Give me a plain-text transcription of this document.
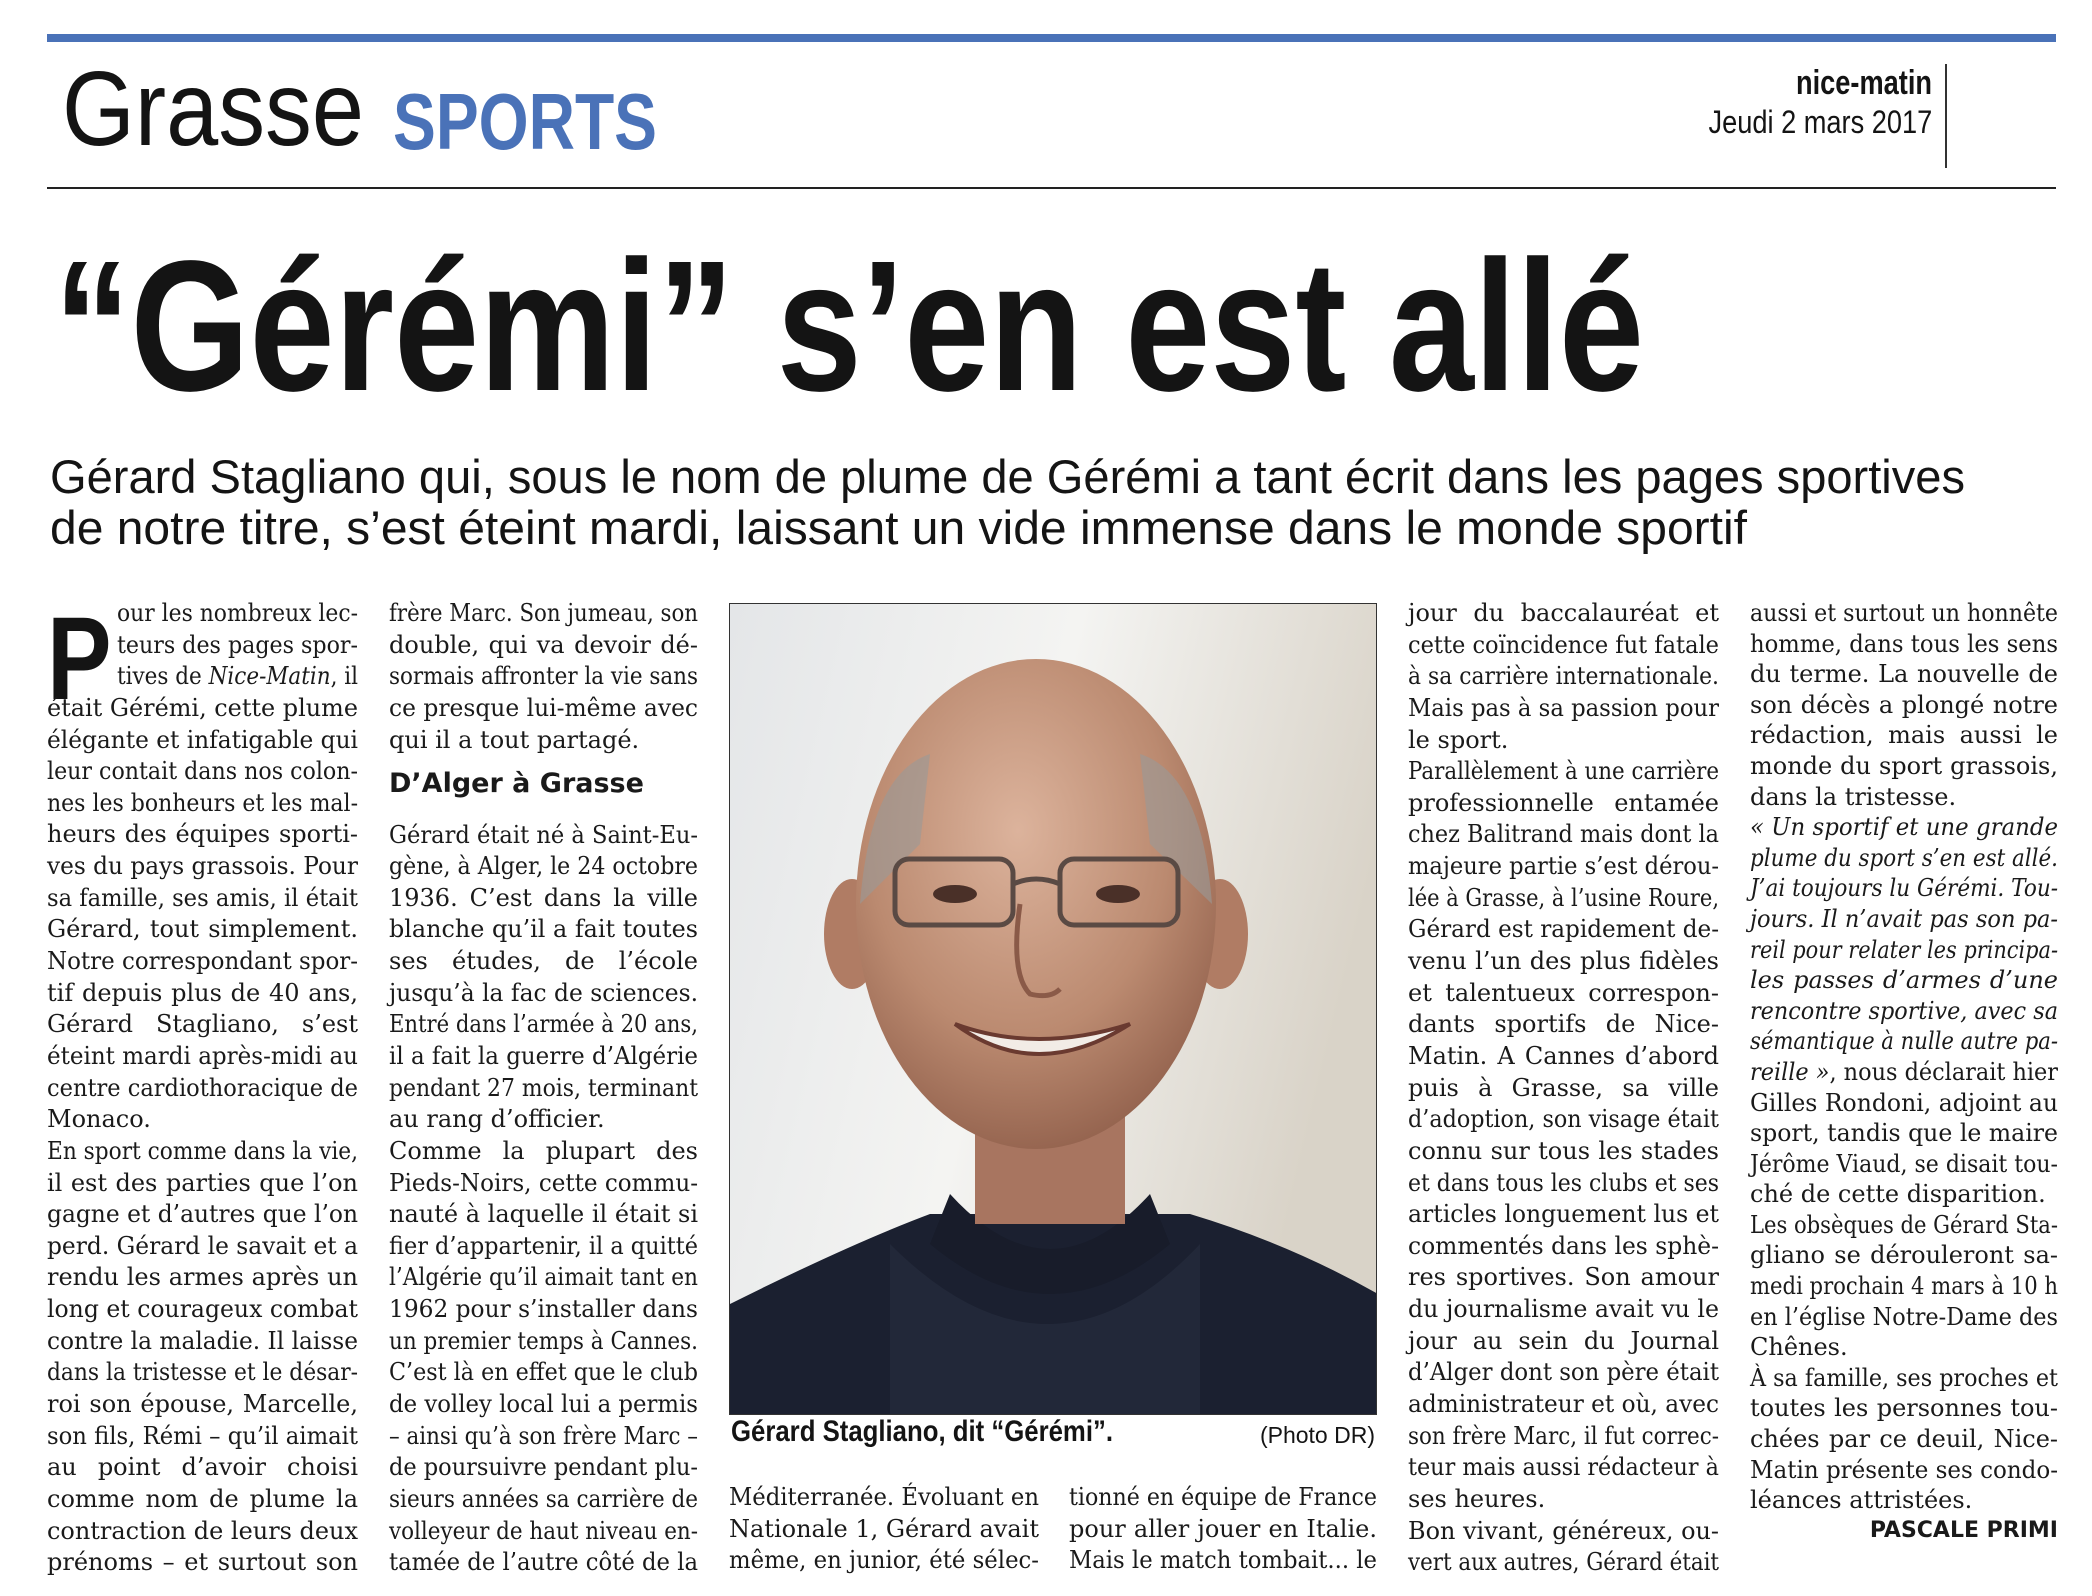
Grasse SPORTS	nice-matin
Jeudi 2 mars 2017
“Gérémi” s’en est allé
Gérard Stagliano qui, sous le nom de plume de Gérémi a tant écrit dans les pages sportives
de notre titre, s’est éteint mardi, laissant un vide immense dans le monde sportif
P our les nombreux lec-
teurs des pages spor-
tives de Nice-Matin, il
était Gérémi, cette plume
élégante et infatigable qui
leur contait dans nos colon-
nes les bonheurs et les mal-
heurs des équipes sporti-
ves du pays grassois. Pour
sa famille, ses amis, il était
Gérard, tout simplement.
Notre correspondant spor-
tif depuis plus de 40 ans,
Gérard Stagliano, s’est
éteint mardi après-midi au
centre cardiothoracique de
Monaco.
En sport comme dans la vie,
il est des parties que l’on
gagne et d’autres que l’on
perd. Gérard le savait et a
rendu les armes après un
long et courageux combat
contre la maladie. Il laisse
dans la tristesse et le désar-
roi son épouse, Marcelle,
son fils, Rémi – qu’il aimait
au point d’avoir choisi
comme nom de plume la
contraction de leurs deux
prénoms – et surtout son
frère Marc. Son jumeau, son
double, qui va devoir dé-
sormais affronter la vie sans
ce presque lui-même avec
qui il a tout partagé.
D’Alger à Grasse
Gérard était né à Saint-Eu-
gène, à Alger, le 24 octobre
1936. C’est dans la ville
blanche qu’il a fait toutes
ses études, de l’école
jusqu’à la fac de sciences.
Entré dans l’armée à 20 ans,
il a fait la guerre d’Algérie
pendant 27 mois, terminant
au rang d’officier.
Comme la plupart des
Pieds-Noirs, cette commu-
nauté à laquelle il était si
fier d’appartenir, il a quitté
l’Algérie qu’il aimait tant en
1962 pour s’installer dans
un premier temps à Cannes.
C’est là en effet que le club
de volley local lui a permis
– ainsi qu’à son frère Marc –
de poursuivre pendant plu-
sieurs années sa carrière de
volleyeur de haut niveau en-
tamée de l’autre côté de la
Méditerranée. Évoluant en
Nationale 1, Gérard avait
même, en junior, été sélec-
tionné en équipe de France
pour aller jouer en Italie.
Mais le match tombait... le
jour du baccalauréat et
cette coïncidence fut fatale
à sa carrière internationale.
Mais pas à sa passion pour
le sport.
Parallèlement à une carrière
professionnelle entamée
chez Balitrand mais dont la
majeure partie s’est dérou-
lée à Grasse, à l’usine Roure,
Gérard est rapidement de-
venu l’un des plus fidèles
et talentueux correspon-
dants sportifs de Nice-
Matin. A Cannes d’abord
puis à Grasse, sa ville
d’adoption, son visage était
connu sur tous les stades
et dans tous les clubs et ses
articles longuement lus et
commentés dans les sphè-
res sportives. Son amour
du journalisme avait vu le
jour au sein du Journal
d’Alger dont son père était
administrateur et où, avec
son frère Marc, il fut correc-
teur mais aussi rédacteur à
ses heures.
Bon vivant, généreux, ou-
vert aux autres, Gérard était
aussi et surtout un honnête
homme, dans tous les sens
du terme. La nouvelle de
son décès a plongé notre
rédaction, mais aussi le
monde du sport grassois,
dans la tristesse.
« Un sportif et une grande
plume du sport s’en est allé.
J’ai toujours lu Gérémi. Tou-
jours. Il n’avait pas son pa-
reil pour relater les principa-
les passes d’armes d’une
rencontre sportive, avec sa
sémantique à nulle autre pa-
reille », nous déclarait hier
Gilles Rondoni, adjoint au
sport, tandis que le maire
Jérôme Viaud, se disait tou-
ché de cette disparition.
Les obsèques de Gérard Sta-
gliano se dérouleront sa-
medi prochain 4 mars à 10 h
en l’église Notre-Dame des
Chênes.
À sa famille, ses proches et
toutes les personnes tou-
chées par ce deuil, Nice-
Matin présente ses condo-
léances attristées.
PASCALE PRIMI
Gérard Stagliano, dit “Gérémi”.	(Photo DR)
